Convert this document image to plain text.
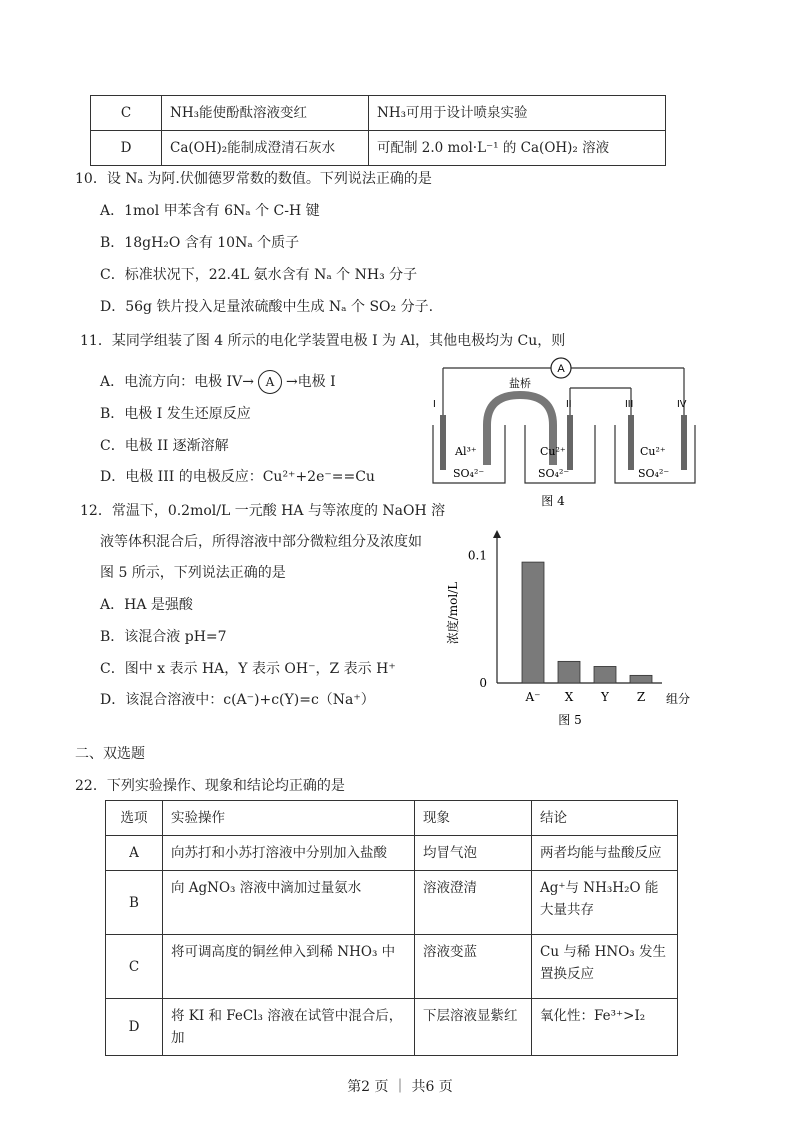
C	NH₃能使酚酞溶液变红	NH₃可用于设计喷泉实验
D	Ca(OH)₂能制成澄清石灰水	可配制 2.0 mol·L⁻¹ 的 Ca(OH)₂ 溶液
10．设 Nₐ 为阿.伏伽德罗常数的数值。下列说法正确的是
A．1mol 甲苯含有 6Nₐ 个 C-H 键
B．18gH₂O 含有 10Nₐ 个质子
C．标准状况下，22.4L 氨水含有 Nₐ 个 NH₃ 分子
D．56g 铁片投入足量浓硫酸中生成 Nₐ 个 SO₂ 分子.
11．某同学组装了图 4 所示的电化学装置电极 I 为 Al，其他电极均为 Cu，则
A．电流方向：电极 IV→ A →电极 I
B．电极 I 发生还原反应
C．电极 II 逐渐溶解
D．电极 III 的电极反应：Cu²⁺+2e⁻==Cu
A
盐桥
I	II	III	IV
Al³⁺
SO₄²⁻
Cu²⁺
SO₄²⁻
Cu²⁺
SO₄²⁻
图 4
12．常温下，0.2mol/L 一元酸 HA 与等浓度的 NaOH 溶
液等体积混合后，所得溶液中部分微粒组分及浓度如
图 5 所示，下列说法正确的是
A．HA 是强酸
B．该混合液 pH=7
C．图中 x 表示 HA，Y 表示 OH⁻，Z 表示 H⁺
D．该混合溶液中：c(A⁻)+c(Y)=c（Na⁺）
浓度/mol/L
组分
图 5
A⁻ X Y Z
0
0.1
二、双选题
22．下列实验操作、现象和结论均正确的是
选项	实验操作	现象	结论
A	向苏打和小苏打溶液中分别加入盐酸	均冒气泡	两者均能与盐酸反应
B	向 AgNO₃ 溶液中滴加过量氨水	溶液澄清	Ag⁺与 NH₃H₂O 能大量共存
C	将可调高度的铜丝伸入到稀 NHO₃ 中	溶液变蓝	Cu 与稀 HNO₃ 发生置换反应
D	将 KI 和 FeCl₃ 溶液在试管中混合后，加	下层溶液显紫红	氧化性：Fe³⁺>I₂
第2 页 ｜ 共6 页
